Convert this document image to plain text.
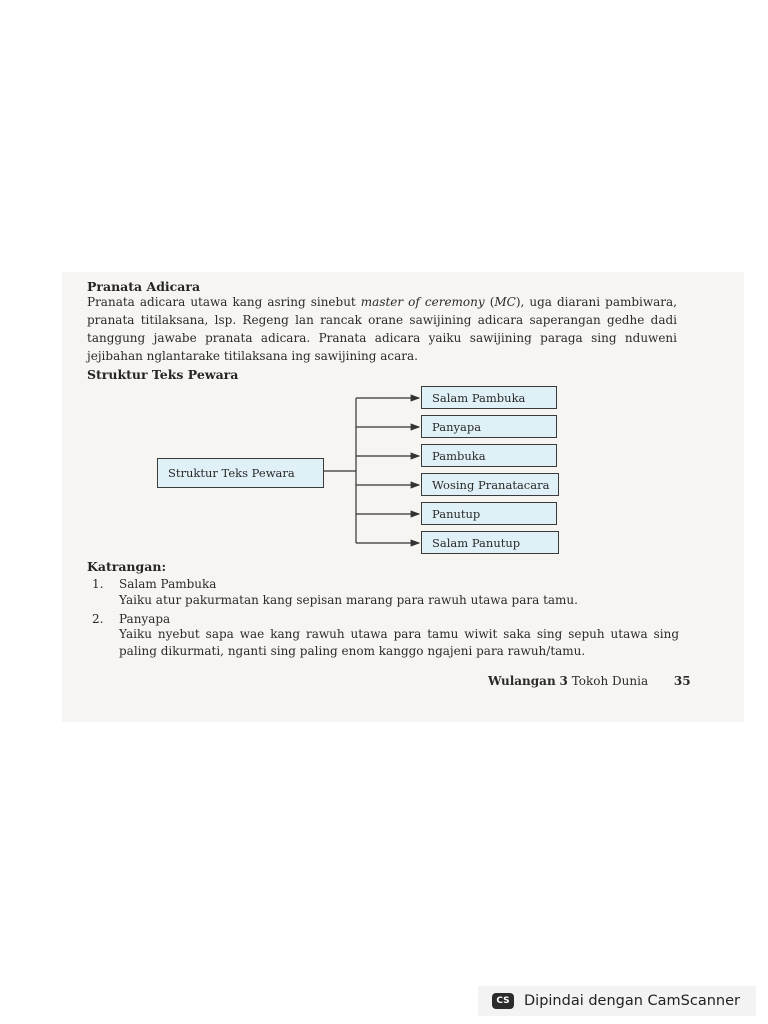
Pranata Adicara
Pranata adicara utawa kang asring sinebut master of ceremony (MC), uga diarani pambiwara, pranata titilaksana, lsp. Regeng lan rancak orane sawijining adicara saperangan gedhe dadi tanggung jawabe pranata adicara. Pranata adicara yaiku sawijining paraga sing nduweni jejibahan nglantarake titilaksana ing sawijining acara.
Struktur Teks Pewara
Struktur Teks Pewara
Salam Pambuka
Panyapa
Pambuka
Wosing Pranatacara
Panutup
Salam Panutup
Katrangan:
1. Salam Pambuka
Yaiku atur pakurmatan kang sepisan marang para rawuh utawa para tamu.
2. Panyapa
Yaiku nyebut sapa wae kang rawuh utawa para tamu wiwit saka sing sepuh utawa sing paling dikurmati, nganti sing paling enom kanggo ngajeni para rawuh/tamu.
Wulangan 3 Tokoh Dunia 35
CS Dipindai dengan CamScanner
